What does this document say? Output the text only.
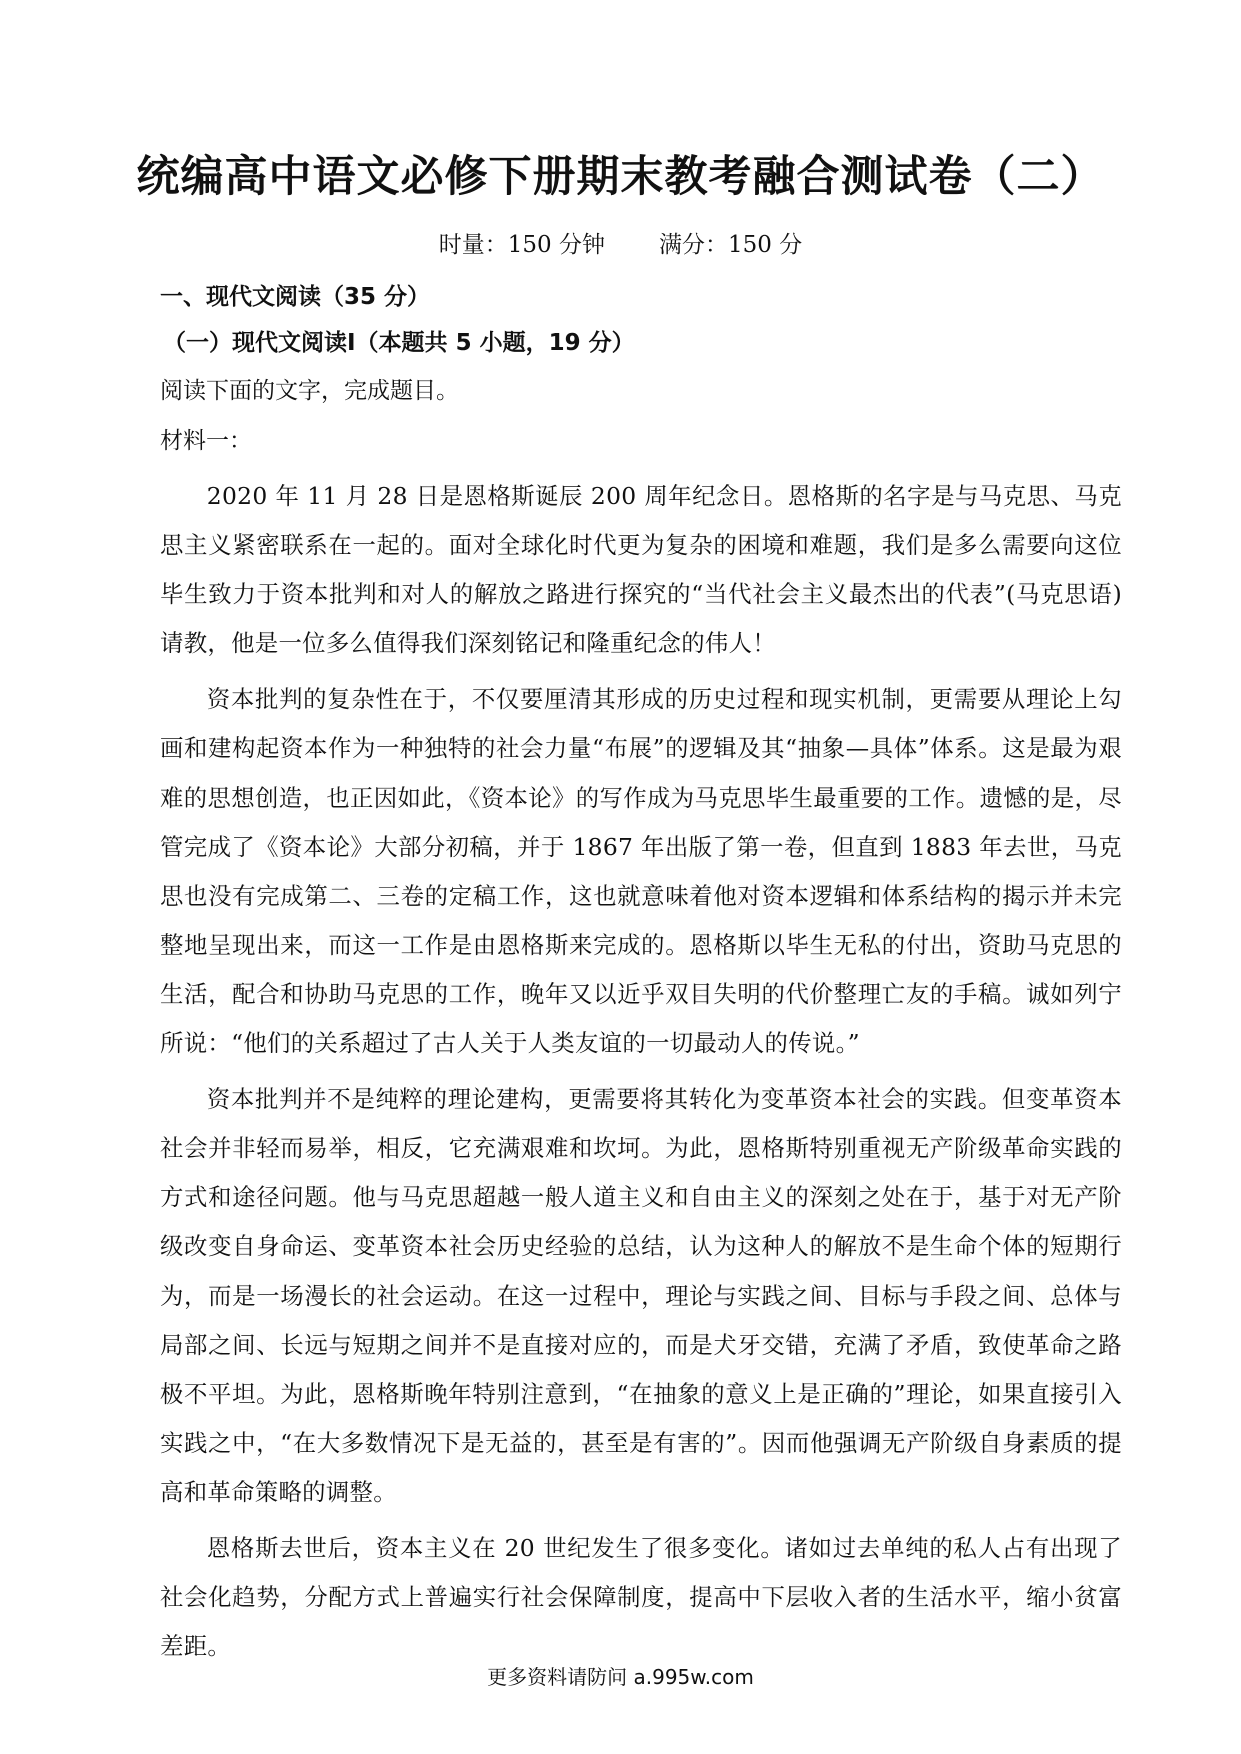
统编高中语文必修下册期末教考融合测试卷（二）
时量：150 分钟 满分：150 分
一、现代文阅读（35 分）
（一）现代文阅读Ⅰ（本题共 5 小题，19 分）
阅读下面的文字，完成题目。
材料一：

2020 年 11 月 28 日是恩格斯诞辰 200 周年纪念日。恩格斯的名字是与马克思、马克思主义紧密联系在一起的。面对全球化时代更为复杂的困境和难题，我们是多么需要向这位毕生致力于资本批判和对人的解放之路进行探究的“当代社会主义最杰出的代表”(马克思语)请教，他是一位多么值得我们深刻铭记和隆重纪念的伟人！

资本批判的复杂性在于，不仅要厘清其形成的历史过程和现实机制，更需要从理论上勾画和建构起资本作为一种独特的社会力量“布展”的逻辑及其“抽象—具体”体系。这是最为艰难的思想创造，也正因如此，《资本论》的写作成为马克思毕生最重要的工作。遗憾的是，尽管完成了《资本论》大部分初稿，并于 1867 年出版了第一卷，但直到 1883 年去世，马克思也没有完成第二、三卷的定稿工作，这也就意味着他对资本逻辑和体系结构的揭示并未完整地呈现出来，而这一工作是由恩格斯来完成的。恩格斯以毕生无私的付出，资助马克思的生活，配合和协助马克思的工作，晚年又以近乎双目失明的代价整理亡友的手稿。诚如列宁所说：“他们的关系超过了古人关于人类友谊的一切最动人的传说。”

资本批判并不是纯粹的理论建构，更需要将其转化为变革资本社会的实践。但变革资本社会并非轻而易举，相反，它充满艰难和坎坷。为此，恩格斯特别重视无产阶级革命实践的方式和途径问题。他与马克思超越一般人道主义和自由主义的深刻之处在于，基于对无产阶级改变自身命运、变革资本社会历史经验的总结，认为这种人的解放不是生命个体的短期行为，而是一场漫长的社会运动。在这一过程中，理论与实践之间、目标与手段之间、总体与局部之间、长远与短期之间并不是直接对应的，而是犬牙交错，充满了矛盾，致使革命之路极不平坦。为此，恩格斯晚年特别注意到，“在抽象的意义上是正确的”理论，如果直接引入实践之中，“在大多数情况下是无益的，甚至是有害的”。因而他强调无产阶级自身素质的提高和革命策略的调整。

恩格斯去世后，资本主义在 20 世纪发生了很多变化。诸如过去单纯的私人占有出现了社会化趋势，分配方式上普遍实行社会保障制度，提高中下层收入者的生活水平，缩小贫富差距。

更多资料请防问 a.995w.com
